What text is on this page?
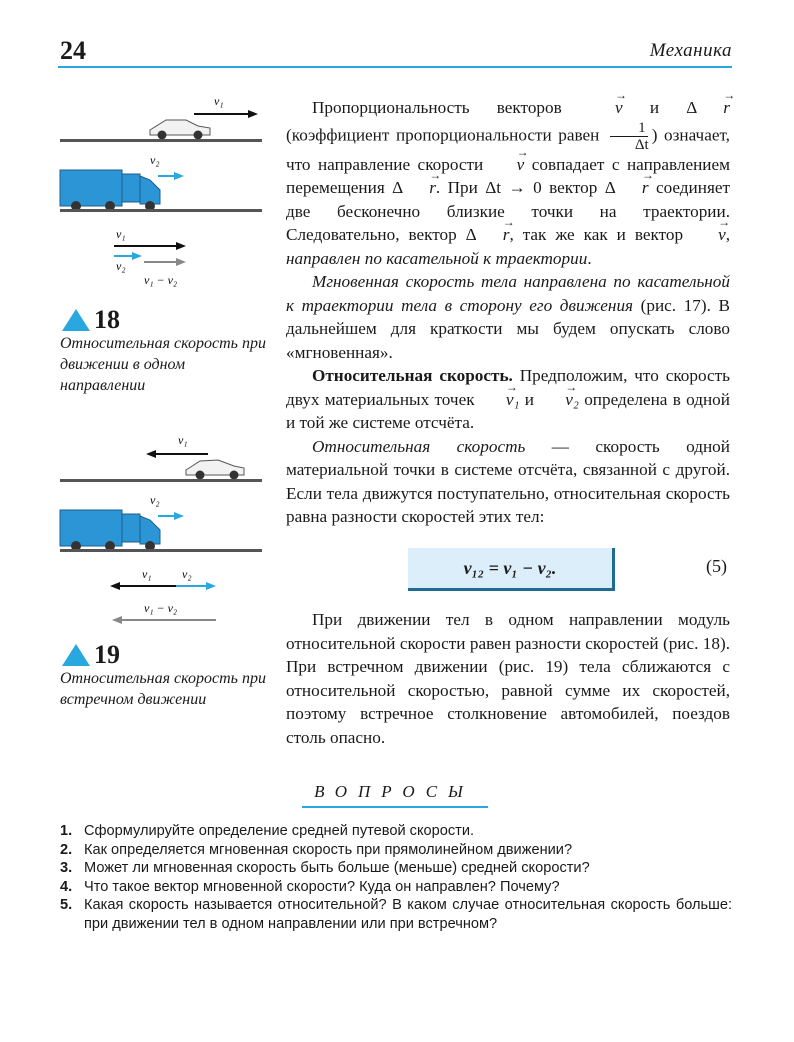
24	Механика
v₁
v₂
v₁
v₂
v₁ − v₂
18
Относительная скорость при движении в одном направлении
v₁
v₂
v₁	v₂
v₁ − v₂
19
Относительная скорость при встречном движении

Пропорциональность векторов → v и Δ → r (коэффициент пропорциональности равен $\frac{1}{\Delta t}$ ) означает, что направление скорости → v совпадает с направлением перемещения Δ → r. При Δt → 0 вектор Δ → r соединяет две бесконечно близкие точки на траектории. Следовательно, вектор Δ → r, так же как и вектор → v, направлен по касательной к траектории.

Мгновенная скорость тела направлена по касательной к траектории тела в сторону его движения (рис. 17). В дальнейшем для краткости мы будем опускать слово «мгновенная».

Относительная скорость. Предположим, что скорость двух материальных точек → v₁ и → v₂ определена в одной и той же системе отсчёта.

Относительная скорость — скорость одной материальной точки в системе отсчёта, связанной с другой. Если тела движутся поступательно, относительная скорость равна разности скоростей этих тел:

v₁₂ = v₁ − v₂.	(5)

При движении тел в одном направлении модуль относительной скорости равен разности скоростей (рис. 18). При встречном движении (рис. 19) тела сближаются с относительной скоростью, равной сумме их скоростей, поэтому встречное столкновение автомобилей, поездов столь опасно.

ВОПРОСЫ
1. Сформулируйте определение средней путевой скорости.
2. Как определяется мгновенная скорость при прямолинейном движении?
3. Может ли мгновенная скорость быть больше (меньше) средней скорости?
4. Что такое вектор мгновенной скорости? Куда он направлен? Почему?
5. Какая скорость называется относительной? В каком случае относительная скорость больше: при движении тел в одном направлении или при встречном?
